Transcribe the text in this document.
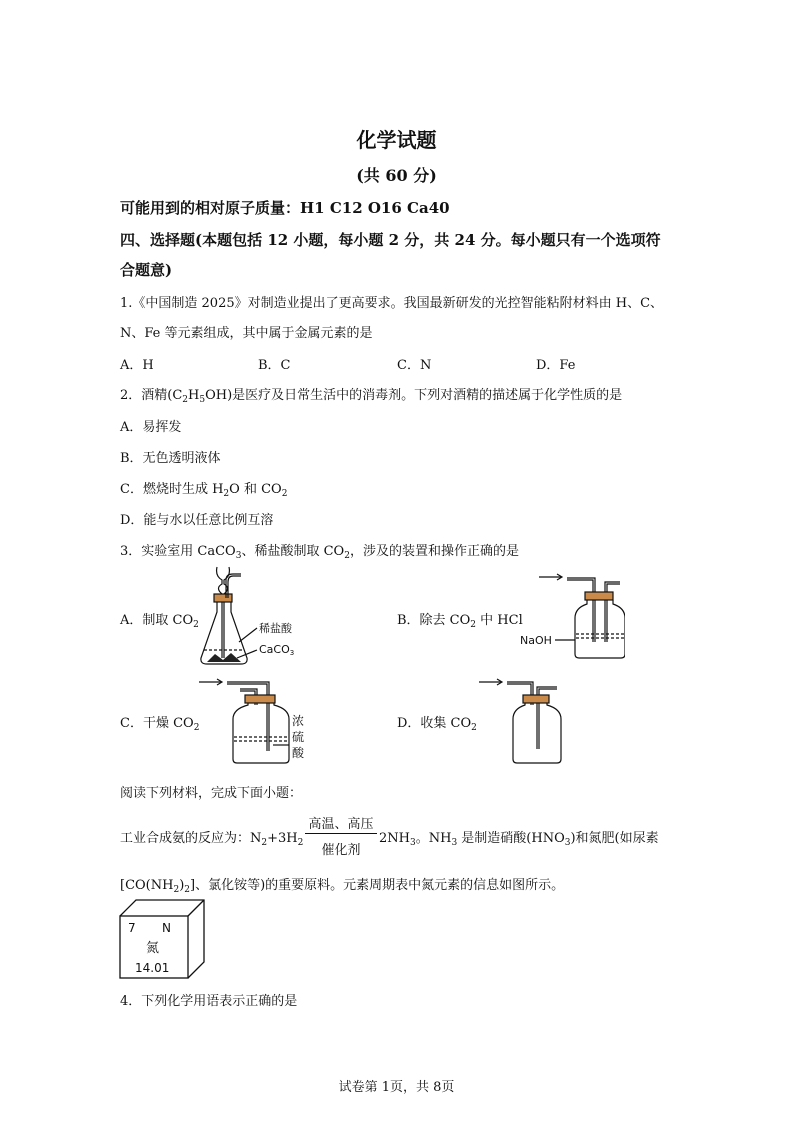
化学试题
(共 60 分)
可能用到的相对原子质量：H1 C12 O16 Ca40
四、选择题(本题包括 12 小题，每小题 2 分，共 24 分。每小题只有一个选项符
合题意)
1.《中国制造 2025》对制造业提出了更高要求。我国最新研发的光控智能粘附材料由 H、C、
N、Fe 等元素组成，其中属于金属元素的是
A．H	B．C	C．N	D．Fe
2．酒精$(C_2H_5OH)$是医疗及日常生活中的消毒剂。下列对酒精的描述属于化学性质的是
A．易挥发
B．无色透明液体
C．燃烧时生成 $H_2O$ 和 $CO_2$
D．能与水以任意比例互溶
3．实验室用 CaCO$_3$、稀盐酸制取 $CO_2$，涉及的装置和操作正确的是
A．制取 $CO_2$	B．除去 $CO_2$ 中 HCl
C．干燥 $CO_2$	D．收集 $CO_2$
稀盐酸
CaCO3
NaOH
浓
硫
酸
阅读下列材料，完成下面小题：
工业合成氨的反应为：$N_2+3H_2$
高温、高压
催化剂
$2NH_3$。$NH_3$ 是制造硝酸$(HNO_3)$和氮肥(如尿素
$[CO(NH_2)_2]$、氯化铵等)的重要原料。元素周期表中氮元素的信息如图所示。
7 N
氮
14.01
4．下列化学用语表示正确的是
试卷第 1页，共 8页
